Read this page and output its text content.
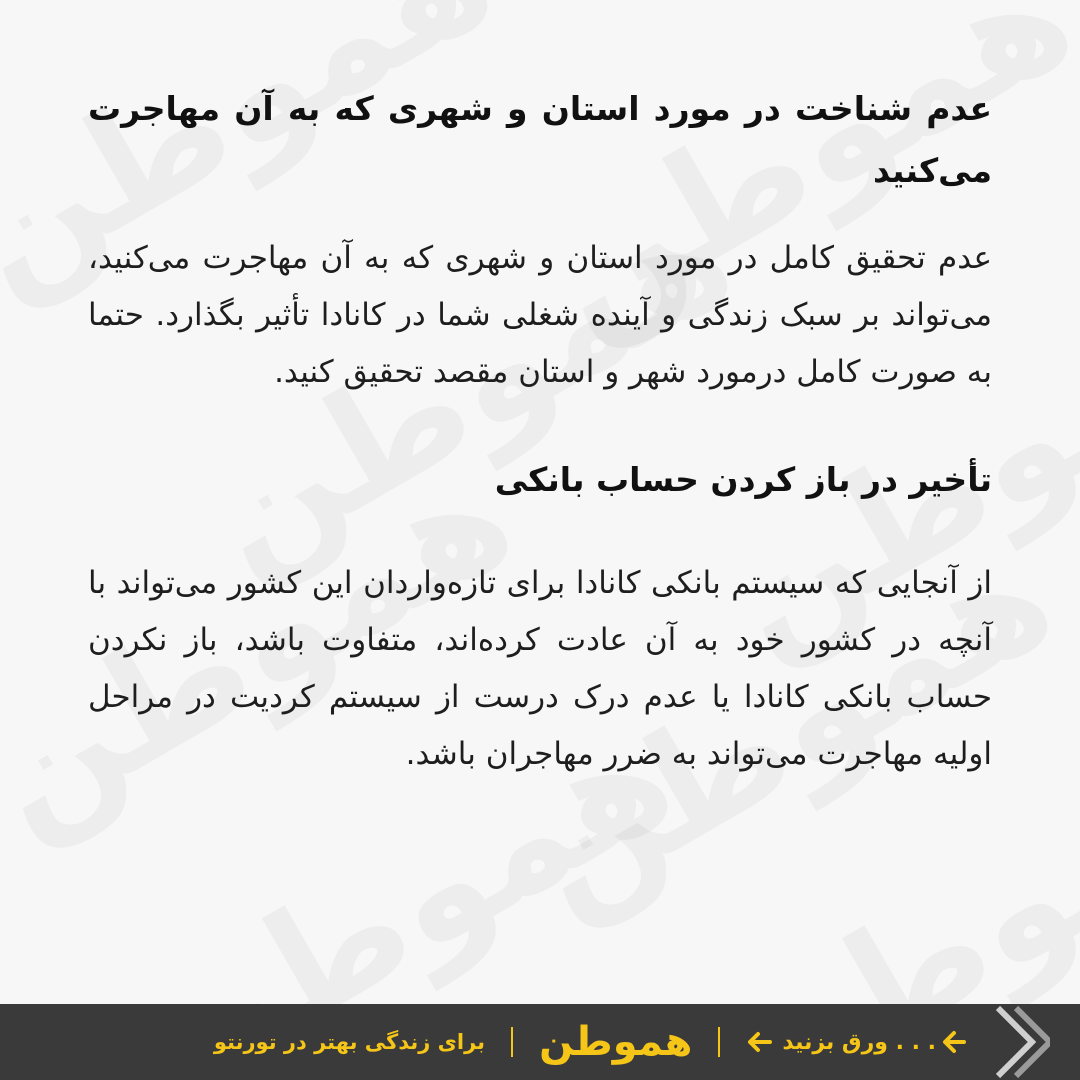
عدم شناخت در مورد استان و شهری که به آن مهاجرت می‌کنید

عدم تحقیق کامل در مورد استان و شهری که به آن مهاجرت می‌کنید، می‌تواند بر سبک زندگی و آینده شغلی شما در کانادا تأثیر بگذارد. حتما به صورت کامل درمورد شهر و استان مقصد تحقیق کنید.

تأخیر در باز کردن حساب بانکی

از آنجایی که سیستم بانکی کانادا برای تازه‌واردان این کشور می‌تواند با آنچه در کشور خود به آن عادت کرده‌اند، متفاوت باشد، باز نکردن حساب بانکی کانادا یا عدم درک درست از سیستم کردیت در مراحل اولیه مهاجرت می‌تواند به ضرر مهاجران باشد.

. . . ورق بزنید
هموطن
برای زندگی بهتر در تورنتو
